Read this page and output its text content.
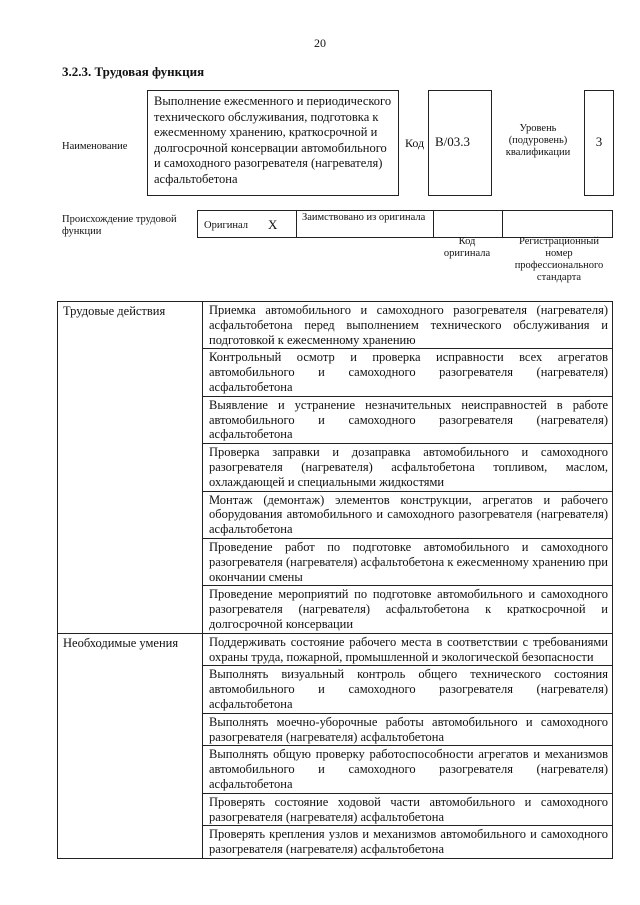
20
3.2.3. Трудовая функция
Наименование
Выполнение ежесменного и периодического технического обслуживания, подготовка к ежесменному хранению, краткосрочной и долгосрочной консервации автомобильного и самоходного разогревателя (нагревателя) асфальтобетона
Код B/03.3
Уровень (подуровень) квалификации
3
Происхождение трудовой функции
Оригинал X	Заимствовано из оригинала
Код оригинала
Регистрационный номер профессионального стандарта
Трудовые действия	Приемка автомобильного и самоходного разогревателя (нагревателя) асфальтобетона перед выполнением технического обслуживания и подготовкой к ежесменному хранению
	Контрольный осмотр и проверка исправности всех агрегатов автомобильного и самоходного разогревателя (нагревателя) асфальтобетона
	Выявление и устранение незначительных неисправностей в работе автомобильного и самоходного разогревателя (нагревателя) асфальтобетона
	Проверка заправки и дозаправка автомобильного и самоходного разогревателя (нагревателя) асфальтобетона топливом, маслом, охлаждающей и специальными жидкостями
	Монтаж (демонтаж) элементов конструкции, агрегатов и рабочего оборудования автомобильного и самоходного разогревателя (нагревателя) асфальтобетона
	Проведение работ по подготовке автомобильного и самоходного разогревателя (нагревателя) асфальтобетона к ежесменному хранению при окончании смены
	Проведение мероприятий по подготовке автомобильного и самоходного разогревателя (нагревателя) асфальтобетона к краткосрочной и долгосрочной консервации
Необходимые умения	Поддерживать состояние рабочего места в соответствии с требованиями охраны труда, пожарной, промышленной и экологической безопасности
	Выполнять визуальный контроль общего технического состояния автомобильного и самоходного разогревателя (нагревателя) асфальтобетона
	Выполнять моечно-уборочные работы автомобильного и самоходного разогревателя (нагревателя) асфальтобетона
	Выполнять общую проверку работоспособности агрегатов и механизмов автомобильного и самоходного разогревателя (нагревателя) асфальтобетона
	Проверять состояние ходовой части автомобильного и самоходного разогревателя (нагревателя) асфальтобетона
	Проверять крепления узлов и механизмов автомобильного и самоходного разогревателя (нагревателя) асфальтобетона
